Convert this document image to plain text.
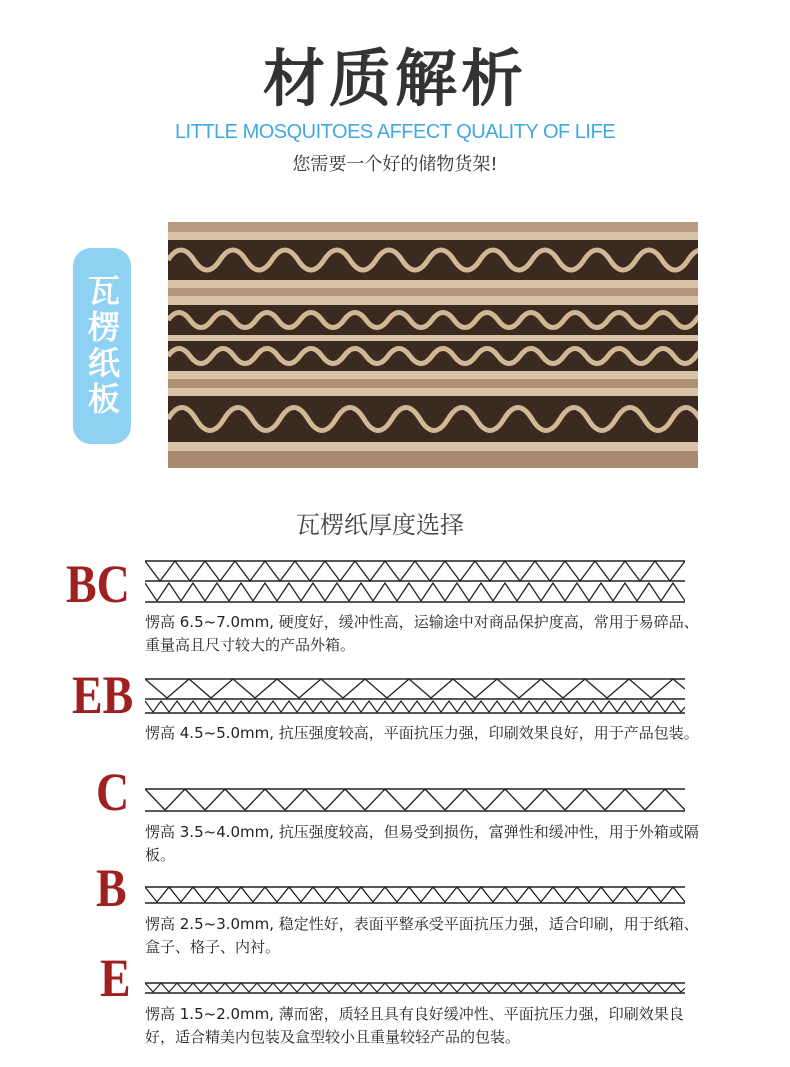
材质解析
LITTLE MOSQUITOES AFFECT QUALITY OF LIFE
您需要一个好的储物货架!
瓦楞纸板
瓦楞纸厚度选择
BC
愣高 6.5~7.0mm, 硬度好，缓冲性高，运输途中对商品保护度高，常用于易碎品、重量高且尺寸较大的产品外箱。
EB
愣高 4.5~5.0mm, 抗压强度较高，平面抗压力强，印刷效果良好，用于产品包装。
C
愣高 3.5~4.0mm, 抗压强度较高，但易受到损伤，富弹性和缓冲性，用于外箱或隔板。
B
愣高 2.5~3.0mm, 稳定性好，表面平整承受平面抗压力强，适合印刷，用于纸箱、盒子、格子、内衬。
E
愣高 1.5~2.0mm, 薄而密，质轻且具有良好缓冲性、平面抗压力强，印刷效果良好，适合精美内包装及盒型较小且重量较轻产品的包装。
